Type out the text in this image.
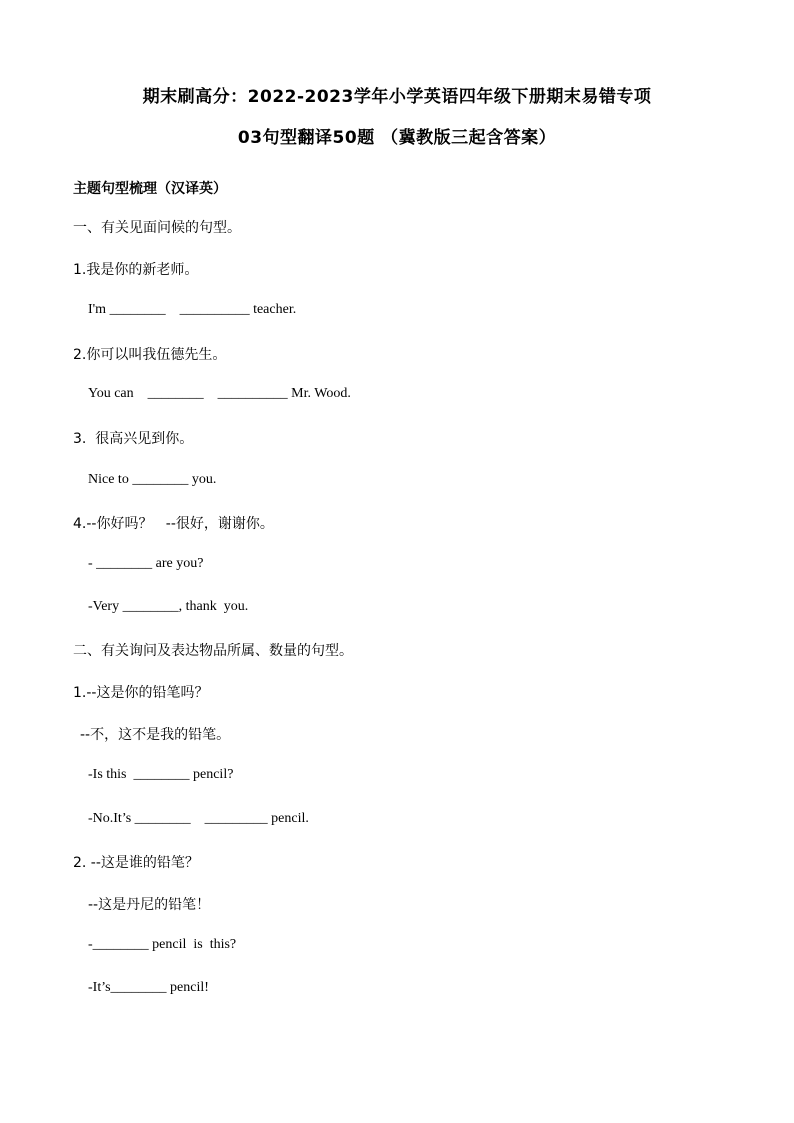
期末刷高分：2022-2023学年小学英语四年级下册期末易错专项
03句型翻译50题 （冀教版三起含答案）
主题句型梳理（汉译英）
一、有关见面问候的句型。
1.我是你的新老师。
I'm ________    __________ teacher.
2.你可以叫我伍德先生。
You can    ________    __________ Mr. Wood.
3.  很高兴见到你。
Nice to ________ you.
4.--你好吗？   --很好，谢谢你。
- ________ are you?
-Very ________, thank  you.
二、有关询问及表达物品所属、数量的句型。
1.--这是你的铅笔吗？
--不，这不是我的铅笔。
-Is this  ________ pencil?
-No.It’s ________    _________ pencil.
2. --这是谁的铅笔？
--这是丹尼的铅笔！
-________ pencil  is  this?
-It’s________ pencil!
